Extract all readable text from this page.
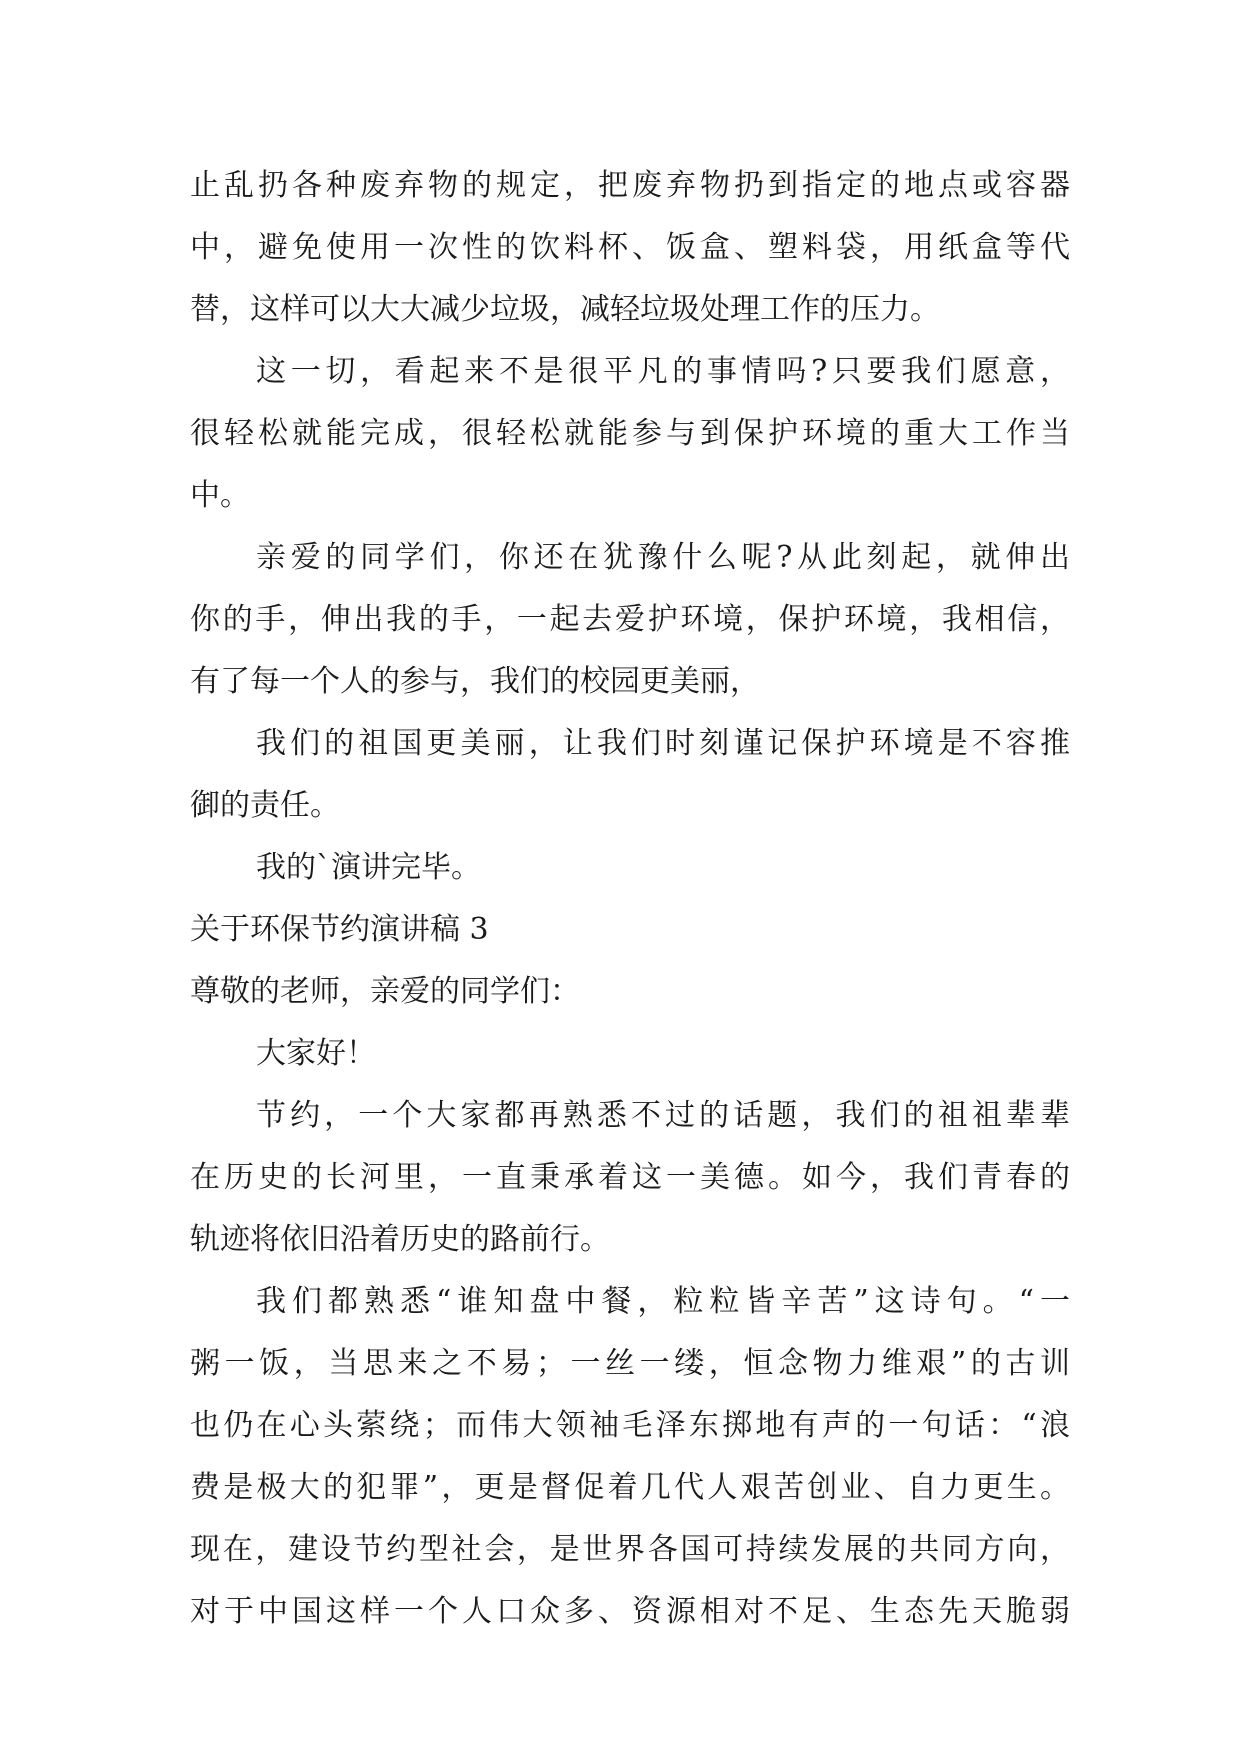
止乱扔各种废弃物的规定，把废弃物扔到指定的地点或容器
中，避免使用一次性的饮料杯、饭盒、塑料袋，用纸盒等代
替，这样可以大大减少垃圾，减轻垃圾处理工作的压力。
这一切，看起来不是很平凡的事情吗?只要我们愿意，
很轻松就能完成，很轻松就能参与到保护环境的重大工作当
中。
亲爱的同学们，你还在犹豫什么呢?从此刻起，就伸出
你的手，伸出我的手，一起去爱护环境，保护环境，我相信，
有了每一个人的参与，我们的校园更美丽，
我们的祖国更美丽，让我们时刻谨记保护环境是不容推
御的责任。
我的`演讲完毕。
关于环保节约演讲稿 3
尊敬的老师，亲爱的同学们：
大家好！
节约，一个大家都再熟悉不过的话题，我们的祖祖辈辈
在历史的长河里，一直秉承着这一美德。如今，我们青春的
轨迹将依旧沿着历史的路前行。
我们都熟悉“谁知盘中餐，粒粒皆辛苦”这诗句。“一
粥一饭，当思来之不易；一丝一缕，恒念物力维艰”的古训
也仍在心头萦绕；而伟大领袖毛泽东掷地有声的一句话：“浪
费是极大的犯罪”，更是督促着几代人艰苦创业、自力更生。
现在，建设节约型社会，是世界各国可持续发展的共同方向，
对于中国这样一个人口众多、资源相对不足、生态先天脆弱
